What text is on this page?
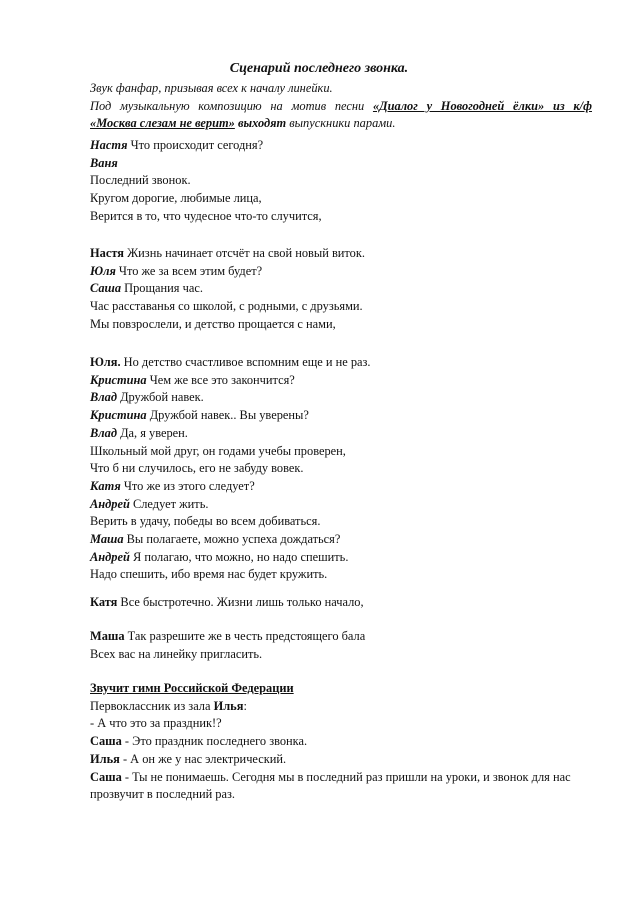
Сценарий последнего звонка.
Звук фанфар, призывая всех к началу линейки.
Под музыкальную композицию на мотив песни «Диалог у Новогодней ёлки» из к/ф
«Москва слезам не верит» выходят выпускники парами.
Настя Что происходит сегодня?
Ваня
Последний звонок.
Кругом дорогие, любимые лица,
Верится в то, что чудесное что-то случится,
Настя Жизнь начинает отсчёт на свой новый виток.
Юля Что же за всем этим будет?
Саша Прощания час.
Час расставанья со школой, с родными, с друзьями.
Мы повзрослели, и детство прощается с нами,
Юля. Но детство счастливое вспомним еще и не раз.
Кристина Чем же все это закончится?
Влад Дружбой навек.
Кристина Дружбой навек.. Вы уверены?
Влад Да, я уверен.
Школьный мой друг, он годами учебы проверен,
Что б ни случилось, его не забуду вовек.
Катя Что же из этого следует?
Андрей Следует жить.
Верить в удачу, победы во всем добиваться.
Маша Вы полагаете, можно успеха дождаться?
Андрей Я полагаю, что можно, но надо спешить.
Надо спешить, ибо время нас будет кружить.
Катя Все быстротечно. Жизни лишь только начало,
Маша Так разрешите же в честь предстоящего бала
Всех вас на линейку пригласить.
Звучит гимн Российской Федерации
Первоклассник из зала Илья:
- А что это за праздник!?
Саша - Это праздник последнего звонка.
Илья - А он же у нас электрический.
Саша - Ты не понимаешь. Сегодня мы в последний раз пришли на уроки, и звонок для нас
прозвучит в последний раз.
